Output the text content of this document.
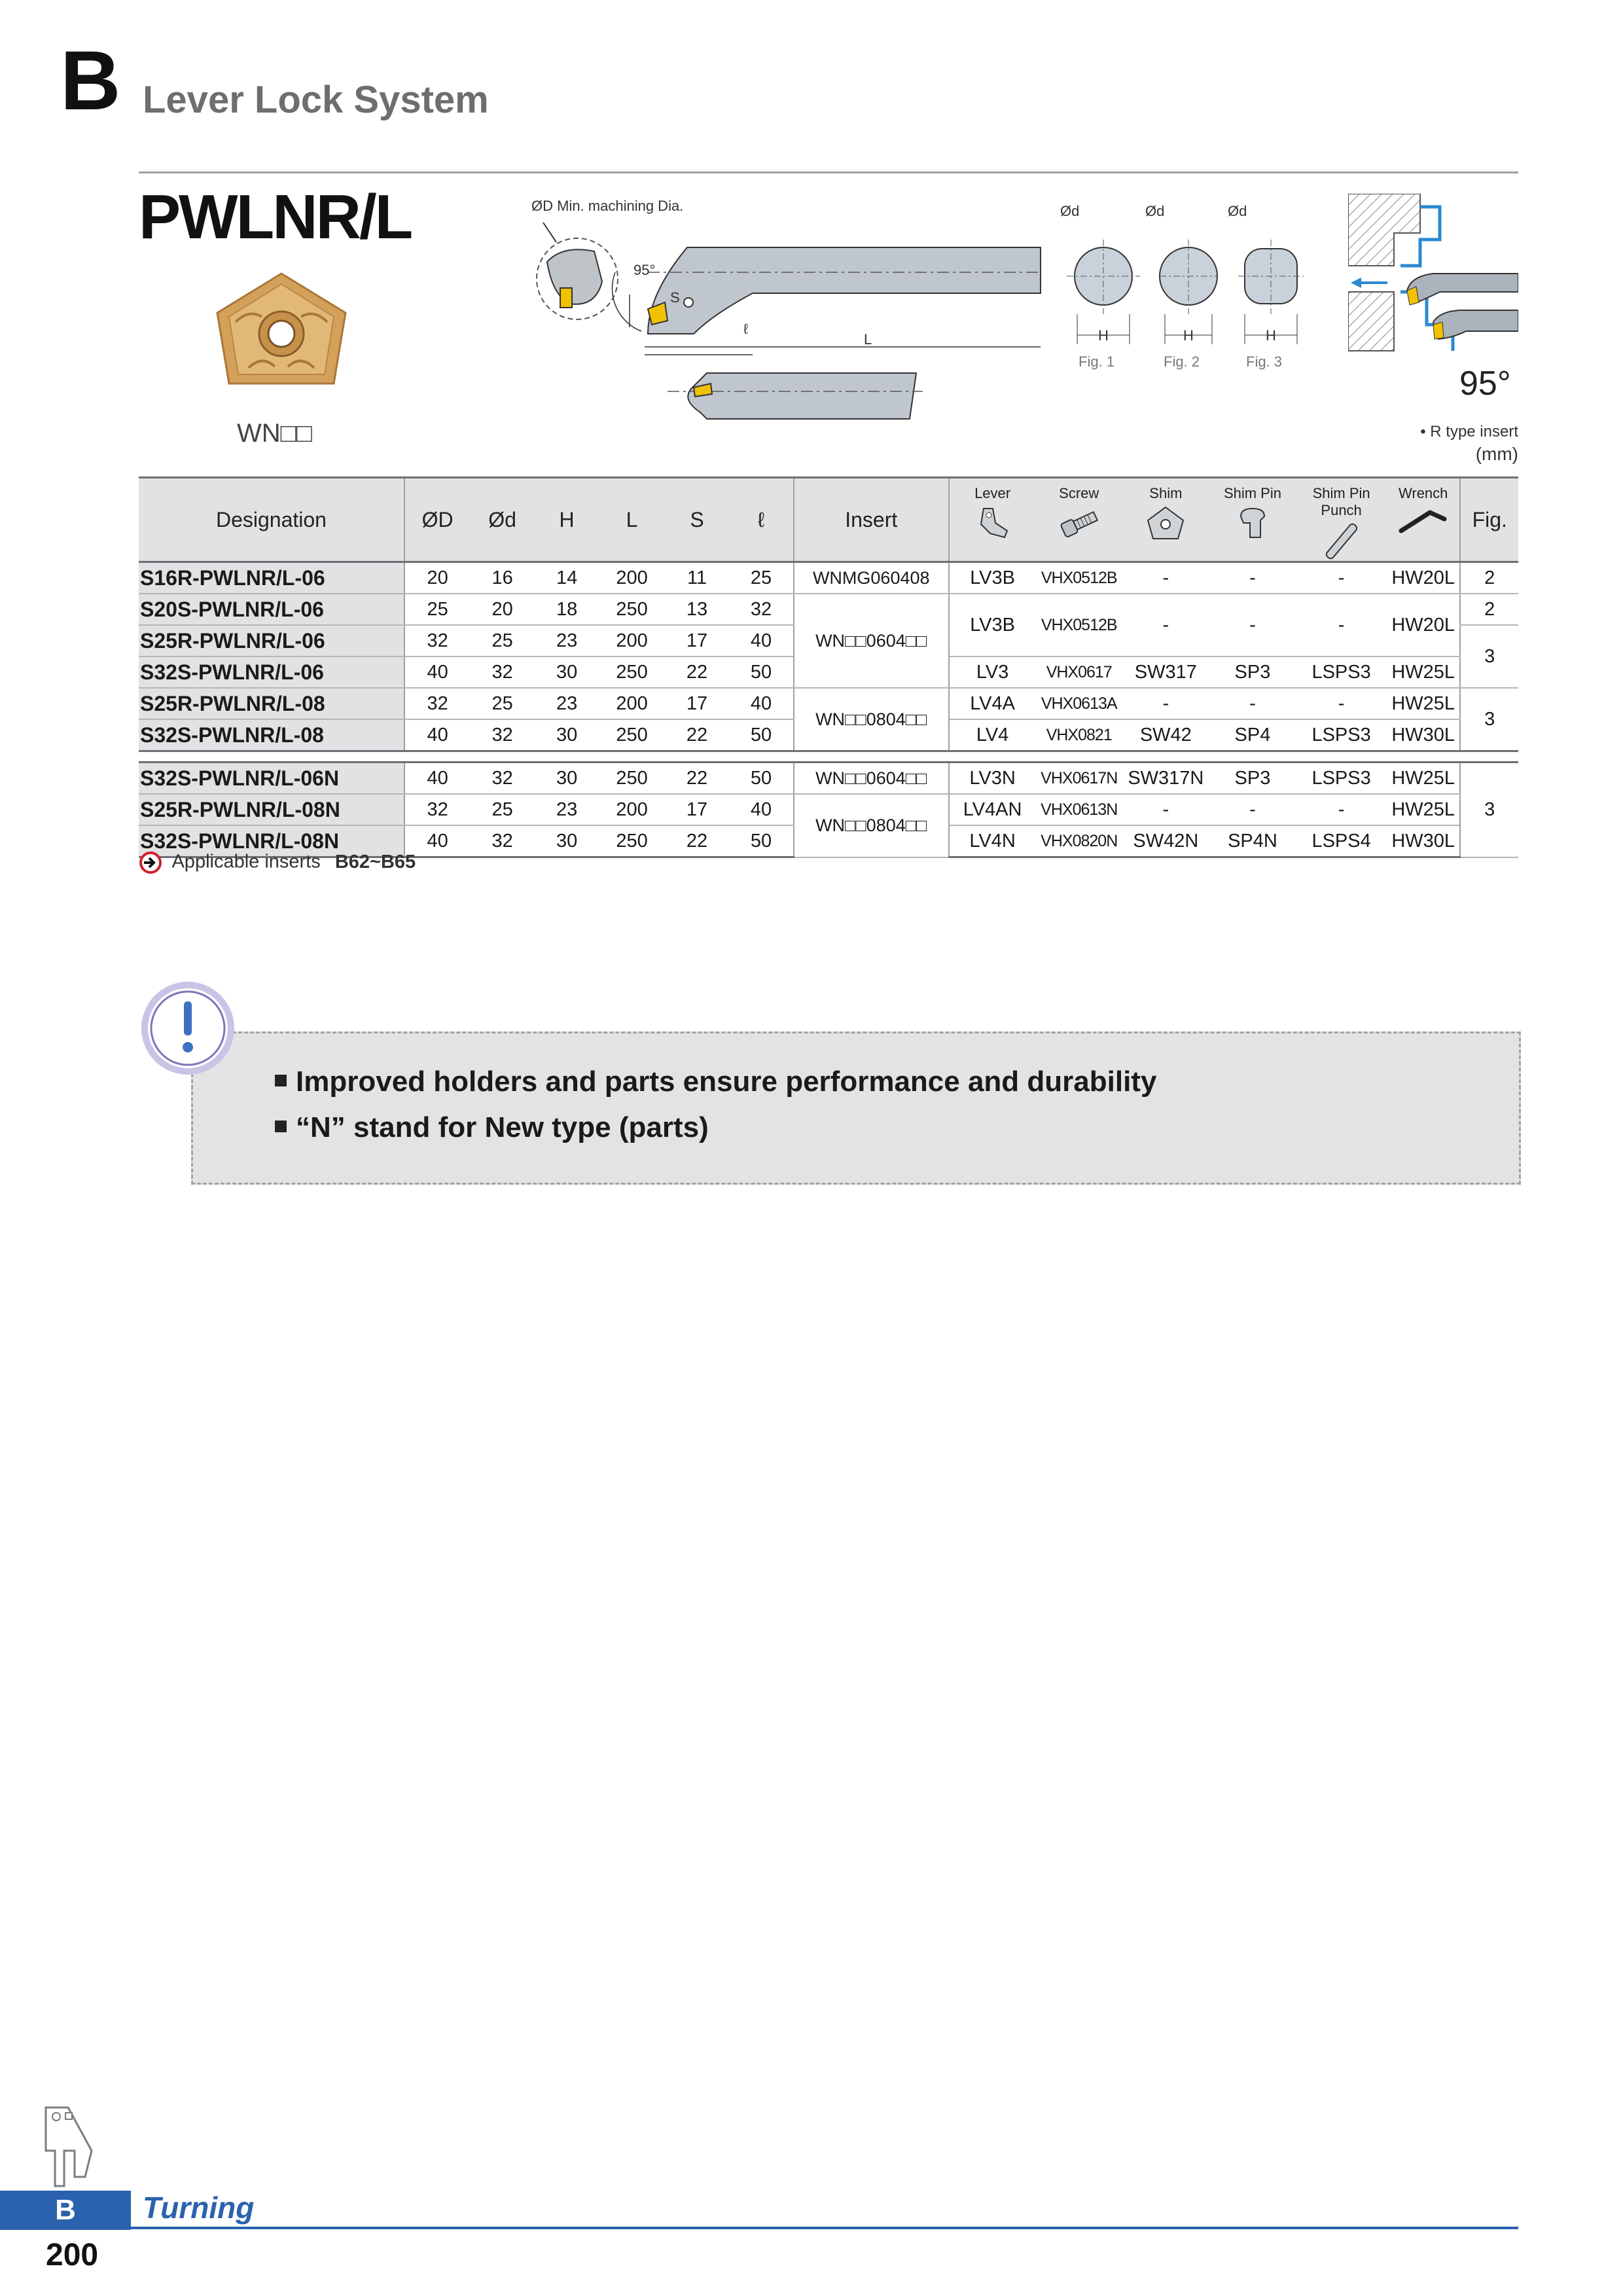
B Lever Lock System
PWLNR/L
WN□□
ØD Min. machining Dia.
95°
S
ℓ
L
Ød	Ød	Ød
H	H	H
Fig. 1	Fig. 2	Fig. 3
95°
• R type insert
(mm)
Designation	ØD	Ød	H	L	S	ℓ	Insert	Lever	Screw	Shim	Shim Pin	Shim Pin Punch	Wrench	Fig.
S16R-PWLNR/L-06	20	16	14	200	11	25	WNMG060408	LV3B	VHX0512B	-	-	-	HW20L	2
S20S-PWLNR/L-06	25	20	18	250	13	32	WN□□0604□□	LV3B	VHX0512B	-	-	-	HW20L	2
S25R-PWLNR/L-06	32	25	23	200	17	40								3
S32S-PWLNR/L-06	40	32	30	250	22	50		LV3	VHX0617	SW317	SP3	LSPS3	HW25L	
S25R-PWLNR/L-08	32	25	23	200	17	40	WN□□0804□□	LV4A	VHX0613A	-	-	-	HW25L	3
S32S-PWLNR/L-08	40	32	30	250	22	50		LV4	VHX0821	SW42	SP4	LSPS3	HW30L	

S32S-PWLNR/L-06N	40	32	30	250	22	50	WN□□0604□□	LV3N	VHX0617N	SW317N	SP3	LSPS3	HW25L	3
S25R-PWLNR/L-08N	32	25	23	200	17	40	WN□□0804□□	LV4AN	VHX0613N	-	-	-	HW25L	
S32S-PWLNR/L-08N	40	32	30	250	22	50		LV4N	VHX0820N	SW42N	SP4N	LSPS4	HW30L	
Applicable inserts B62~B65
Improved holders and parts ensure performance and durability
“N” stand for New type (parts)
B	Turning
200
